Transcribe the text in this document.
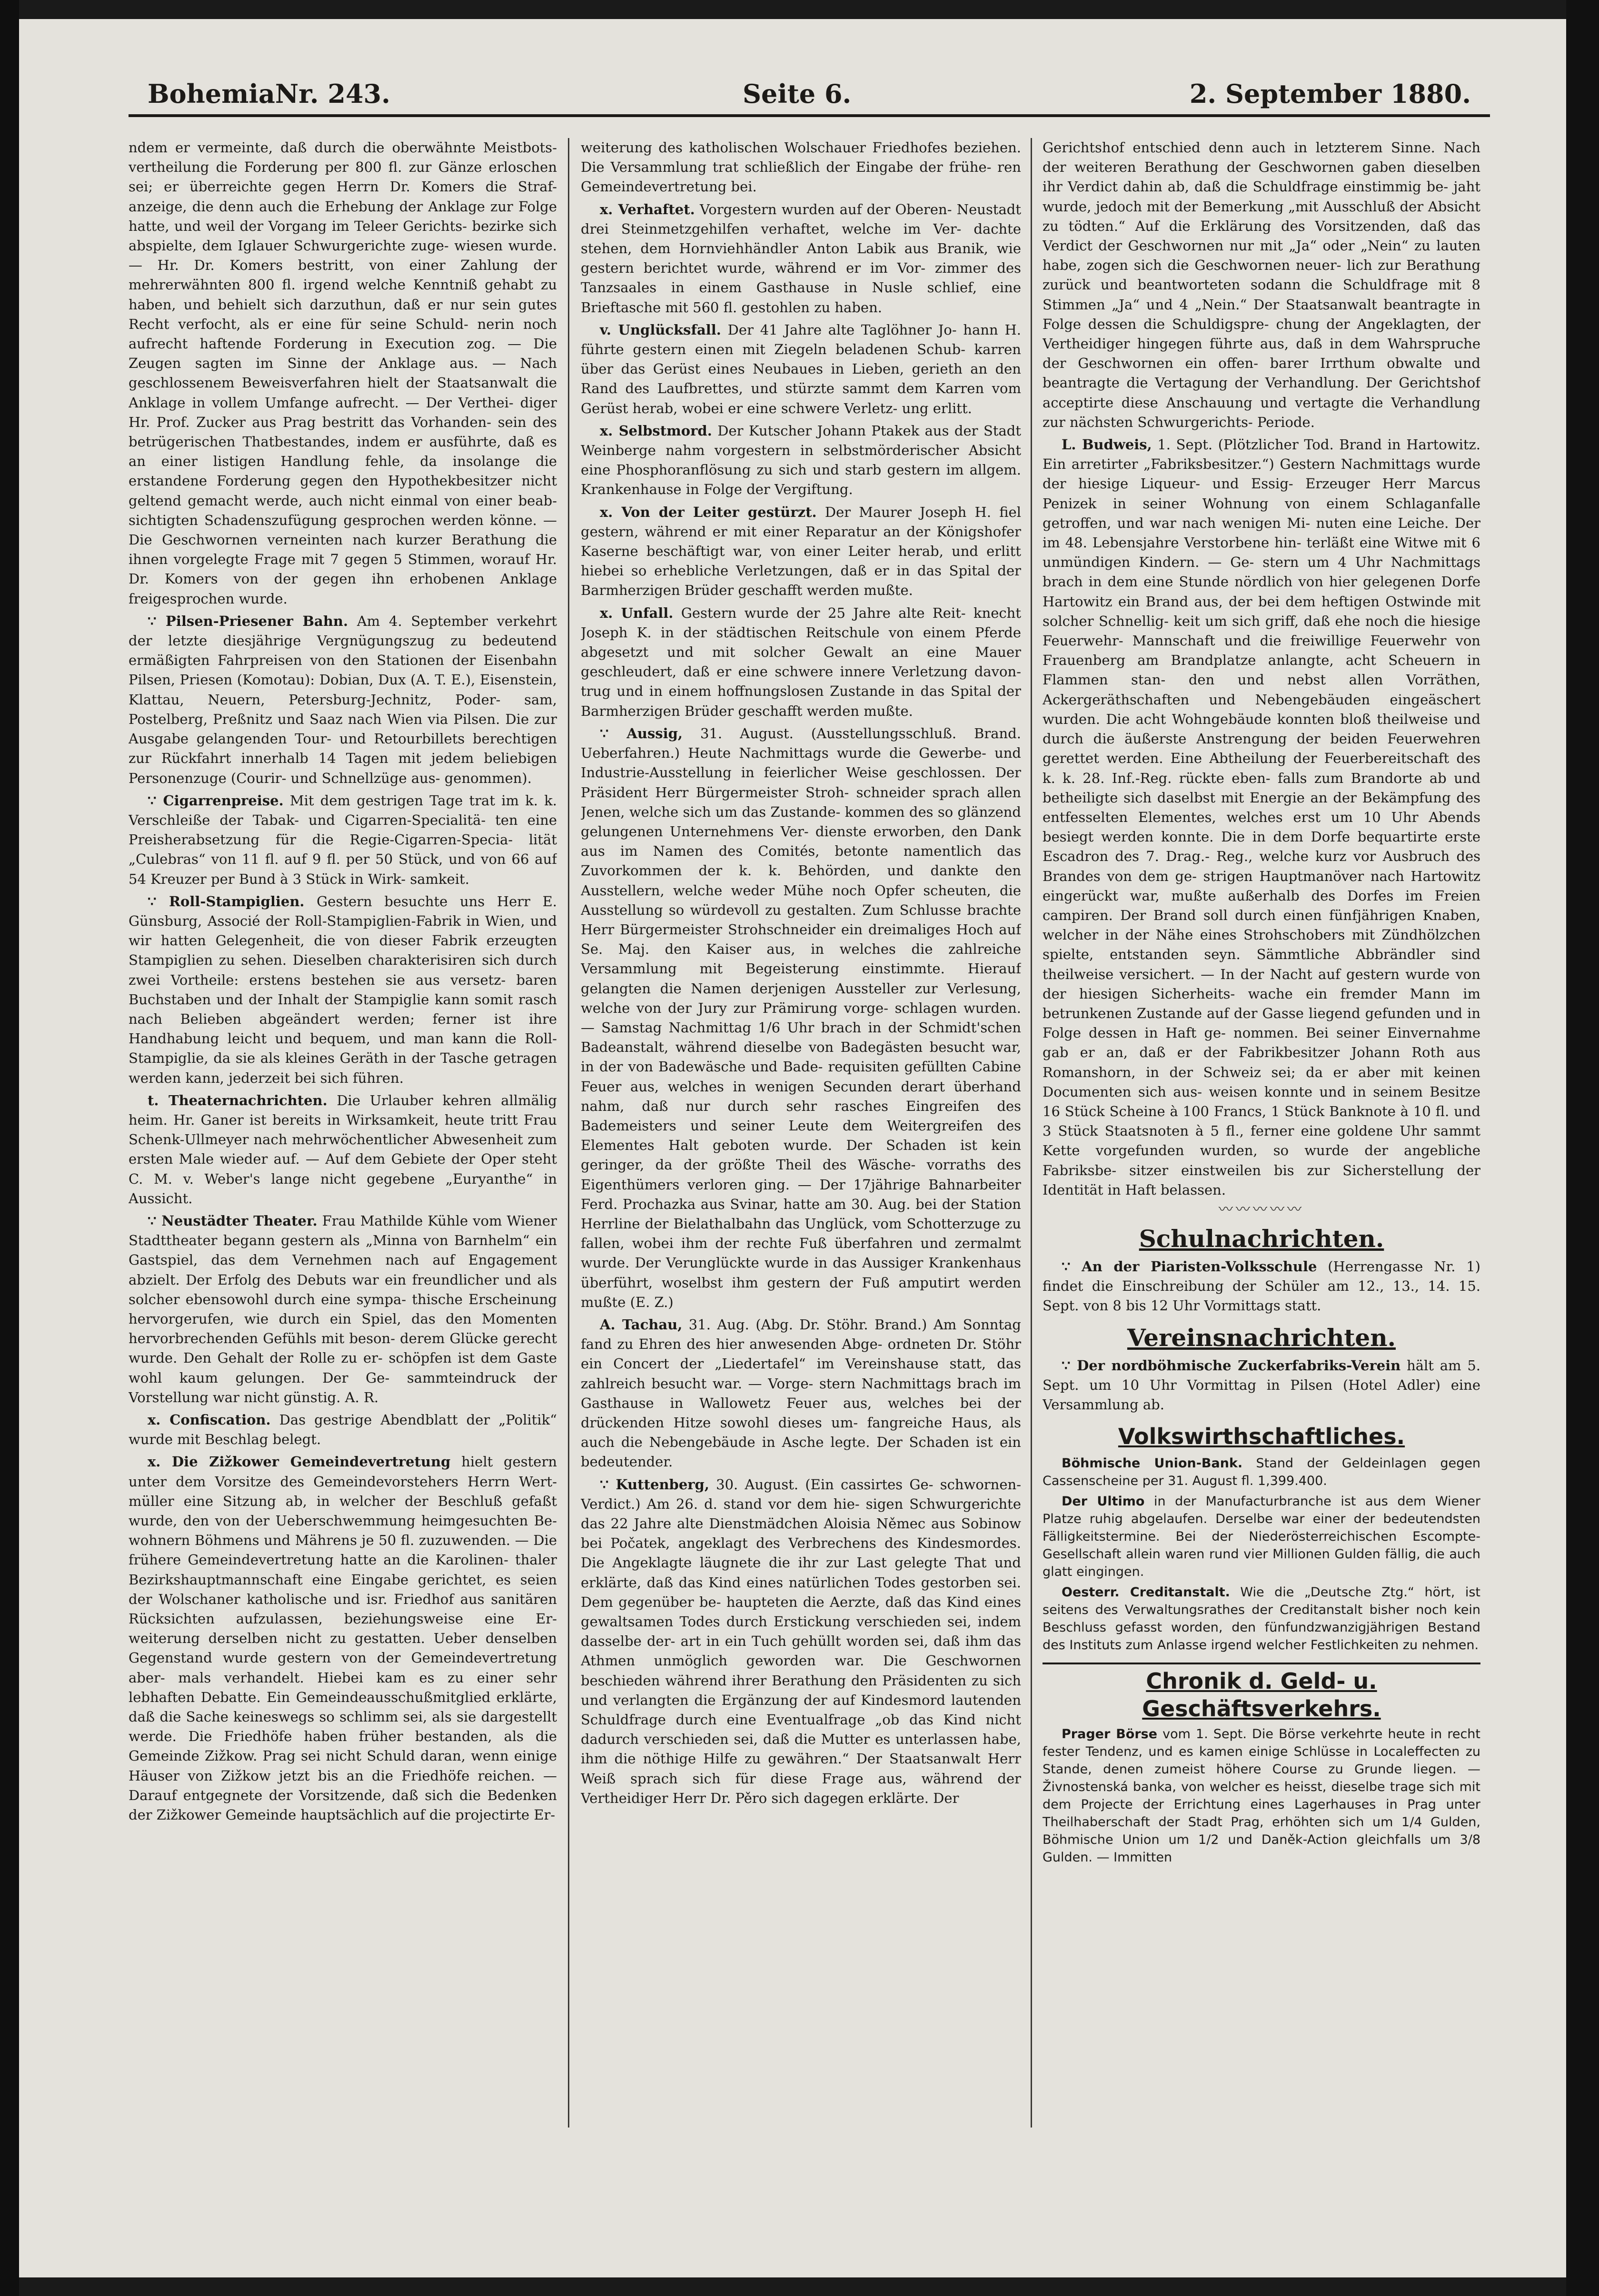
BohemiaNr. 243.	Seite 6.	2. September 1880.

ndem er vermeinte, daß durch die oberwähnte Meistbots- vertheilung die Forderung per 800 fl. zur Gänze erloschen sei; er überreichte gegen Herrn Dr. Komers die Straf- anzeige, die denn auch die Erhebung der Anklage zur Folge hatte, und weil der Vorgang im Teleer Gerichts- bezirke sich abspielte, dem Iglauer Schwurgerichte zuge- wiesen wurde. — Hr. Dr. Komers bestritt, von einer Zahlung der mehrerwähnten 800 fl. irgend welche Kenntniß gehabt zu haben, und behielt sich darzuthun, daß er nur sein gutes Recht verfocht, als er eine für seine Schuld- nerin noch aufrecht haftende Forderung in Execution zog. — Die Zeugen sagten im Sinne der Anklage aus. — Nach geschlossenem Beweisverfahren hielt der Staatsanwalt die Anklage in vollem Umfange aufrecht. — Der Verthei- diger Hr. Prof. Zucker aus Prag bestritt das Vorhanden- sein des betrügerischen Thatbestandes, indem er ausführte, daß es an einer listigen Handlung fehle, da insolange die erstandene Forderung gegen den Hypothekbesitzer nicht geltend gemacht werde, auch nicht einmal von einer beab- sichtigten Schadenszufügung gesprochen werden könne. — Die Geschwornen verneinten nach kurzer Berathung die ihnen vorgelegte Frage mit 7 gegen 5 Stimmen, worauf Hr. Dr. Komers von der gegen ihn erhobenen Anklage freigesprochen wurde.

∵ Pilsen-Priesener Bahn. Am 4. September verkehrt der letzte diesjährige Vergnügungszug zu bedeutend ermäßigten Fahrpreisen von den Stationen der Eisenbahn Pilsen, Priesen (Komotau): Dobian, Dux (A. T. E.), Eisenstein, Klattau, Neuern, Petersburg-Jechnitz, Poder- sam, Postelberg, Preßnitz und Saaz nach Wien via Pilsen. Die zur Ausgabe gelangenden Tour- und Retourbillets berechtigen zur Rückfahrt innerhalb 14 Tagen mit jedem beliebigen Personenzuge (Courir- und Schnellzüge aus- genommen).

∵ Cigarrenpreise. Mit dem gestrigen Tage trat im k. k. Verschleiße der Tabak- und Cigarren-Specialitä- ten eine Preisherabsetzung für die Regie-Cigarren-Specia- lität „Culebras“ von 11 fl. auf 9 fl. per 50 Stück, und von 66 auf 54 Kreuzer per Bund à 3 Stück in Wirk- samkeit.

∵ Roll-Stampiglien. Gestern besuchte uns Herr E. Günsburg, Associé der Roll-Stampiglien-Fabrik in Wien, und wir hatten Gelegenheit, die von dieser Fabrik erzeugten Stampiglien zu sehen. Dieselben charakterisiren sich durch zwei Vortheile: erstens bestehen sie aus versetz- baren Buchstaben und der Inhalt der Stampiglie kann somit rasch nach Belieben abgeändert werden; ferner ist ihre Handhabung leicht und bequem, und man kann die Roll-Stampiglie, da sie als kleines Geräth in der Tasche getragen werden kann, jederzeit bei sich führen.

t. Theaternachrichten. Die Urlauber kehren allmälig heim. Hr. Ganer ist bereits in Wirksamkeit, heute tritt Frau Schenk-Ullmeyer nach mehrwöchentlicher Abwesenheit zum ersten Male wieder auf. — Auf dem Gebiete der Oper steht C. M. v. Weber's lange nicht gegebene „Euryanthe“ in Aussicht.

∵ Neustädter Theater. Frau Mathilde Kühle vom Wiener Stadttheater begann gestern als „Minna von Barnhelm“ ein Gastspiel, das dem Vernehmen nach auf Engagement abzielt. Der Erfolg des Debuts war ein freundlicher und als solcher ebensowohl durch eine sympa- thische Erscheinung hervorgerufen, wie durch ein Spiel, das den Momenten hervorbrechenden Gefühls mit beson- derem Glücke gerecht wurde. Den Gehalt der Rolle zu er- schöpfen ist dem Gaste wohl kaum gelungen. Der Ge- sammteindruck der Vorstellung war nicht günstig. A. R.

x. Confiscation. Das gestrige Abendblatt der „Politik“ wurde mit Beschlag belegt.

x. Die Zižkower Gemeindevertretung hielt gestern unter dem Vorsitze des Gemeindevorstehers Herrn Wert- müller eine Sitzung ab, in welcher der Beschluß gefaßt wurde, den von der Ueberschwemmung heimgesuchten Be- wohnern Böhmens und Mährens je 50 fl. zuzuwenden. — Die frühere Gemeindevertretung hatte an die Karolinen- thaler Bezirkshauptmannschaft eine Eingabe gerichtet, es seien der Wolschaner katholische und isr. Friedhof aus sanitären Rücksichten aufzulassen, beziehungsweise eine Er- weiterung derselben nicht zu gestatten. Ueber denselben Gegenstand wurde gestern von der Gemeindevertretung aber- mals verhandelt. Hiebei kam es zu einer sehr lebhaften Debatte. Ein Gemeindeausschußmitglied erklärte, daß die Sache keineswegs so schlimm sei, als sie dargestellt werde. Die Friedhöfe haben früher bestanden, als die Gemeinde Zižkow. Prag sei nicht Schuld daran, wenn einige Häuser von Zižkow jetzt bis an die Friedhöfe reichen. — Darauf entgegnete der Vorsitzende, daß sich die Bedenken der Zižkower Gemeinde hauptsächlich auf die projectirte Er-

weiterung des katholischen Wolschauer Friedhofes beziehen. Die Versammlung trat schließlich der Eingabe der frühe- ren Gemeindevertretung bei.

x. Verhaftet. Vorgestern wurden auf der Oberen- Neustadt drei Steinmetzgehilfen verhaftet, welche im Ver- dachte stehen, dem Hornviehhändler Anton Labik aus Branik, wie gestern berichtet wurde, während er im Vor- zimmer des Tanzsaales in einem Gasthause in Nusle schlief, eine Brieftasche mit 560 fl. gestohlen zu haben.

v. Unglücksfall. Der 41 Jahre alte Taglöhner Jo- hann H. führte gestern einen mit Ziegeln beladenen Schub- karren über das Gerüst eines Neubaues in Lieben, gerieth an den Rand des Laufbrettes, und stürzte sammt dem Karren vom Gerüst herab, wobei er eine schwere Verletz- ung erlitt.

x. Selbstmord. Der Kutscher Johann Ptakek aus der Stadt Weinberge nahm vorgestern in selbstmörderischer Absicht eine Phosphoranflösung zu sich und starb gestern im allgem. Krankenhause in Folge der Vergiftung.

x. Von der Leiter gestürzt. Der Maurer Joseph H. fiel gestern, während er mit einer Reparatur an der Königshofer Kaserne beschäftigt war, von einer Leiter herab, und erlitt hiebei so erhebliche Verletzungen, daß er in das Spital der Barmherzigen Brüder geschafft werden mußte.

x. Unfall. Gestern wurde der 25 Jahre alte Reit- knecht Joseph K. in der städtischen Reitschule von einem Pferde abgesetzt und mit solcher Gewalt an eine Mauer geschleudert, daß er eine schwere innere Verletzung davon- trug und in einem hoffnungslosen Zustande in das Spital der Barmherzigen Brüder geschafft werden mußte.

∵ Aussig, 31. August. (Ausstellungsschluß. Brand. Ueberfahren.) Heute Nachmittags wurde die Gewerbe- und Industrie-Ausstellung in feierlicher Weise geschlossen. Der Präsident Herr Bürgermeister Stroh- schneider sprach allen Jenen, welche sich um das Zustande- kommen des so glänzend gelungenen Unternehmens Ver- dienste erworben, den Dank aus im Namen des Comités, betonte namentlich das Zuvorkommen der k. k. Behörden, und dankte den Ausstellern, welche weder Mühe noch Opfer scheuten, die Ausstellung so würdevoll zu gestalten. Zum Schlusse brachte Herr Bürgermeister Strohschneider ein dreimaliges Hoch auf Se. Maj. den Kaiser aus, in welches die zahlreiche Versammlung mit Begeisterung einstimmte. Hierauf gelangten die Namen derjenigen Aussteller zur Verlesung, welche von der Jury zur Prämirung vorge- schlagen wurden. — Samstag Nachmittag 1/6 Uhr brach in der Schmidt'schen Badeanstalt, während dieselbe von Badegästen besucht war, in der von Badewäsche und Bade- requisiten gefüllten Cabine Feuer aus, welches in wenigen Secunden derart überhand nahm, daß nur durch sehr rasches Eingreifen des Bademeisters und seiner Leute dem Weitergreifen des Elementes Halt geboten wurde. Der Schaden ist kein geringer, da der größte Theil des Wäsche- vorraths des Eigenthümers verloren ging. — Der 17jährige Bahnarbeiter Ferd. Prochazka aus Svinar, hatte am 30. Aug. bei der Station Herrline der Bielathalbahn das Unglück, vom Schotterzuge zu fallen, wobei ihm der rechte Fuß überfahren und zermalmt wurde. Der Verunglückte wurde in das Aussiger Krankenhaus überführt, woselbst ihm gestern der Fuß amputirt werden mußte (E. Z.)

A. Tachau, 31. Aug. (Abg. Dr. Stöhr. Brand.) Am Sonntag fand zu Ehren des hier anwesenden Abge- ordneten Dr. Stöhr ein Concert der „Liedertafel“ im Vereinshause statt, das zahlreich besucht war. — Vorge- stern Nachmittags brach im Gasthause in Wallowetz Feuer aus, welches bei der drückenden Hitze sowohl dieses um- fangreiche Haus, als auch die Nebengebäude in Asche legte. Der Schaden ist ein bedeutender.

∵ Kuttenberg, 30. August. (Ein cassirtes Ge- schwornen-Verdict.) Am 26. d. stand vor dem hie- sigen Schwurgerichte das 22 Jahre alte Dienstmädchen Aloisia Němec aus Sobinow bei Počatek, angeklagt des Verbrechens des Kindesmordes. Die Angeklagte läugnete die ihr zur Last gelegte That und erklärte, daß das Kind eines natürlichen Todes gestorben sei. Dem gegenüber be- haupteten die Aerzte, daß das Kind eines gewaltsamen Todes durch Erstickung verschieden sei, indem dasselbe der- art in ein Tuch gehüllt worden sei, daß ihm das Athmen unmöglich geworden war. Die Geschwornen beschieden während ihrer Berathung den Präsidenten zu sich und verlangten die Ergänzung der auf Kindesmord lautenden Schuldfrage durch eine Eventualfrage „ob das Kind nicht dadurch verschieden sei, daß die Mutter es unterlassen habe, ihm die nöthige Hilfe zu gewähren.“ Der Staatsanwalt Herr Weiß sprach sich für diese Frage aus, während der Vertheidiger Herr Dr. Pěro sich dagegen erklärte. Der

Gerichtshof entschied denn auch in letzterem Sinne. Nach der weiteren Berathung der Geschwornen gaben dieselben ihr Verdict dahin ab, daß die Schuldfrage einstimmig be- jaht wurde, jedoch mit der Bemerkung „mit Ausschluß der Absicht zu tödten.“ Auf die Erklärung des Vorsitzenden, daß das Verdict der Geschwornen nur mit „Ja“ oder „Nein“ zu lauten habe, zogen sich die Geschwornen neuer- lich zur Berathung zurück und beantworteten sodann die Schuldfrage mit 8 Stimmen „Ja“ und 4 „Nein.“ Der Staatsanwalt beantragte in Folge dessen die Schuldigspre- chung der Angeklagten, der Vertheidiger hingegen führte aus, daß in dem Wahrspruche der Geschwornen ein offen- barer Irrthum obwalte und beantragte die Vertagung der Verhandlung. Der Gerichtshof acceptirte diese Anschauung und vertagte die Verhandlung zur nächsten Schwurgerichts- Periode.

L. Budweis, 1. Sept. (Plötzlicher Tod. Brand in Hartowitz. Ein arretirter „Fabriksbesitzer.“) Gestern Nachmittags wurde der hiesige Liqueur- und Essig- Erzeuger Herr Marcus Penizek in seiner Wohnung von einem Schlaganfalle getroffen, und war nach wenigen Mi- nuten eine Leiche. Der im 48. Lebensjahre Verstorbene hin- terläßt eine Witwe mit 6 unmündigen Kindern. — Ge- stern um 4 Uhr Nachmittags brach in dem eine Stunde nördlich von hier gelegenen Dorfe Hartowitz ein Brand aus, der bei dem heftigen Ostwinde mit solcher Schnellig- keit um sich griff, daß ehe noch die hiesige Feuerwehr- Mannschaft und die freiwillige Feuerwehr von Frauenberg am Brandplatze anlangte, acht Scheuern in Flammen stan- den und nebst allen Vorräthen, Ackergeräthschaften und Nebengebäuden eingeäschert wurden. Die acht Wohngebäude konnten bloß theilweise und durch die äußerste Anstrengung der beiden Feuerwehren gerettet werden. Eine Abtheilung der Feuerbereitschaft des k. k. 28. Inf.-Reg. rückte eben- falls zum Brandorte ab und betheiligte sich daselbst mit Energie an der Bekämpfung des entfesselten Elementes, welches erst um 10 Uhr Abends besiegt werden konnte. Die in dem Dorfe bequartirte erste Escadron des 7. Drag.- Reg., welche kurz vor Ausbruch des Brandes von dem ge- strigen Hauptmanöver nach Hartowitz eingerückt war, mußte außerhalb des Dorfes im Freien campiren. Der Brand soll durch einen fünfjährigen Knaben, welcher in der Nähe eines Strohschobers mit Zündhölzchen spielte, entstanden seyn. Sämmtliche Abbrändler sind theilweise versichert. — In der Nacht auf gestern wurde von der hiesigen Sicherheits- wache ein fremder Mann im betrunkenen Zustande auf der Gasse liegend gefunden und in Folge dessen in Haft ge- nommen. Bei seiner Einvernahme gab er an, daß er der Fabrikbesitzer Johann Roth aus Romanshorn, in der Schweiz sei; da er aber mit keinen Documenten sich aus- weisen konnte und in seinem Besitze 16 Stück Scheine à 100 Francs, 1 Stück Banknote à 10 fl. und 3 Stück Staatsnoten à 5 fl., ferner eine goldene Uhr sammt Kette vorgefunden wurden, so wurde der angebliche Fabriksbe- sitzer einstweilen bis zur Sicherstellung der Identität in Haft belassen.

〰〰〰〰〰
Schulnachrichten.

∵ An der Piaristen-Volksschule (Herrengasse Nr. 1) findet die Einschreibung der Schüler am 12., 13., 14. 15. Sept. von 8 bis 12 Uhr Vormittags statt.

Vereinsnachrichten.

∵ Der nordböhmische Zuckerfabriks-Verein hält am 5. Sept. um 10 Uhr Vormittag in Pilsen (Hotel Adler) eine Versammlung ab.

Volkswirthschaftliches.

Böhmische Union-Bank. Stand der Geldeinlagen gegen Cassenscheine per 31. August fl. 1,399.400.

Der Ultimo in der Manufacturbranche ist aus dem Wiener Platze ruhig abgelaufen. Derselbe war einer der bedeutendsten Fälligkeitstermine. Bei der Niederösterreichischen Escompte-Gesellschaft allein waren rund vier Millionen Gulden fällig, die auch glatt eingingen.

Oesterr. Creditanstalt. Wie die „Deutsche Ztg.“ hört, ist seitens des Verwaltungsrathes der Creditanstalt bisher noch kein Beschluss gefasst worden, den fünfundzwanzigjährigen Bestand des Instituts zum Anlasse irgend welcher Festlichkeiten zu nehmen.

Chronik d. Geld- u. Geschäftsverkehrs.

Prager Börse vom 1. Sept. Die Börse verkehrte heute in recht fester Tendenz, und es kamen einige Schlüsse in Localeffecten zu Stande, denen zumeist höhere Course zu Grunde liegen. — Živnostenská banka, von welcher es heisst, dieselbe trage sich mit dem Projecte der Errichtung eines Lagerhauses in Prag unter Theilhaberschaft der Stadt Prag, erhöhten sich um 1/4 Gulden, Böhmische Union um 1/2 und Daněk-Action gleichfalls um 3/8 Gulden. — Immitten
